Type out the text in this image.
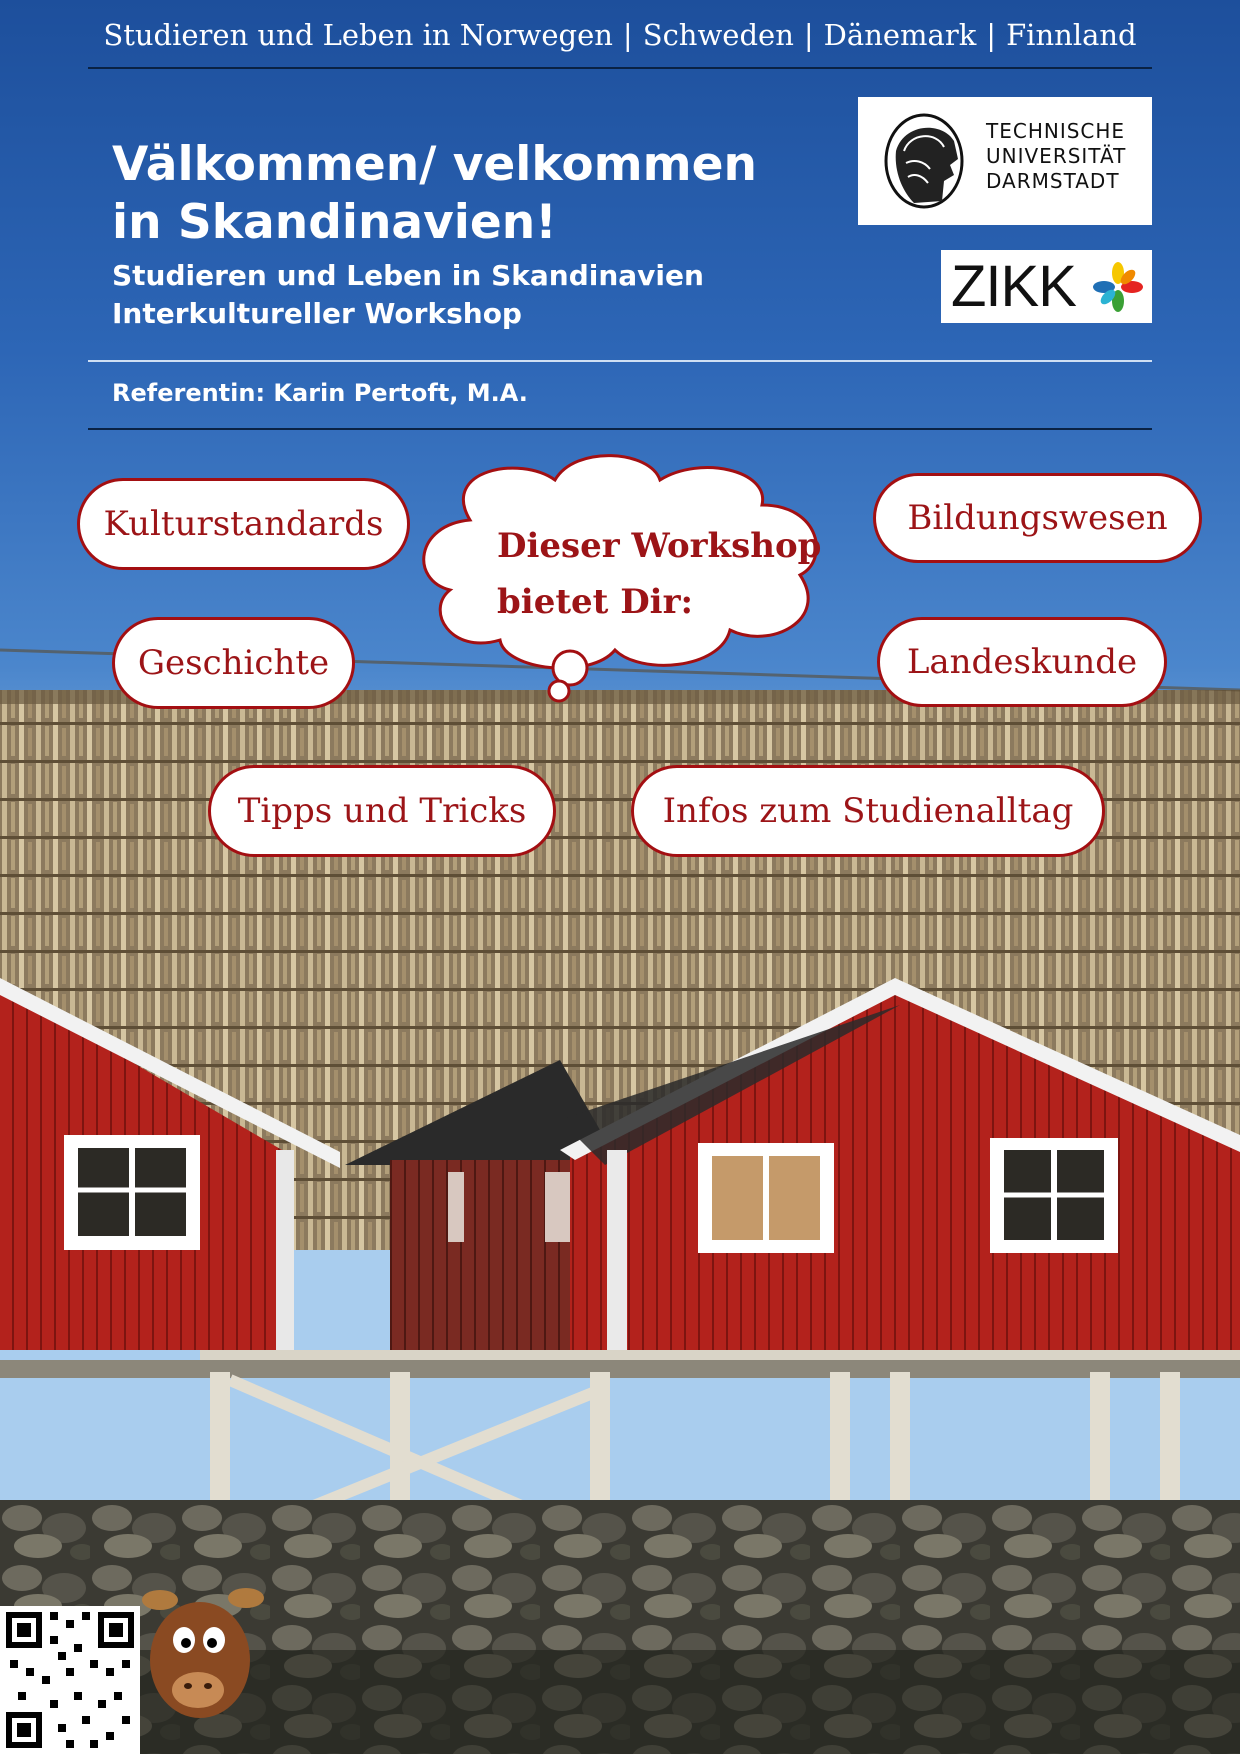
Studieren und Leben in Norwegen | Schweden | Dänemark | Finnland
Välkommen/ velkommen
in Skandinavien!
Studieren und Leben in Skandinavien
Interkultureller Workshop
Referentin: Karin Pertoft, M.A.
TECHNISCHE
UNIVERSITÄT
DARMSTADT
ZIKK
Dieser Workshop
bietet Dir:
Kulturstandards	Bildungswesen
Geschichte	Landeskunde
Tipps und Tricks	Infos zum Studienalltag
